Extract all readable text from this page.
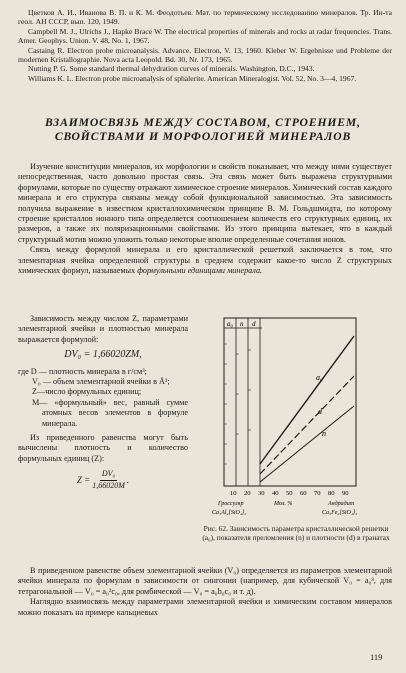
Цветков А. И., Иванова В. П. и К. М. Феодотьев. Мат. по термическому исследованию минералов. Тр. Ин-та геол. АН СССР, вып. 120, 1949.

Campbell M. J., Ulrichs J., Hapke Brace W. The electrical properties of minerals and rocks at radar frequencies. Trans. Amer. Geophys. Union. V. 48, No. 1, 1967.

Castaing R. Electron probe microanalysis. Advance. Electron, V. 13, 1960. Kleber W. Ergebnisse und Probleme der modernen Kristallographie. Nova acta Leopold. Bd. 30, Nr. 173, 1965.

Nutting P. G. Some standard thermal dehydration curves of minerals. Washington, D.C., 1943.

Williams K. L. Electron probe microanalysis of sphalerite. American Mineralogist. Vol. 52, No. 3—4, 1967.

ВЗАИМОСВЯЗЬ МЕЖДУ СОСТАВОМ, СТРОЕНИЕМ, СВОЙСТВАМИ И МОРФОЛОГИЕЙ МИНЕРАЛОВ

Изучение конституции минералов, их морфологии и свойств показывает, что между ними существует непосредственная, часто довольно простая связь. Эта связь может быть выражена структурными формулами, которые по существу отражают химическое строение минералов. Химический состав каждого минерала и его структура связаны между собой функциональной зависимостью. Эта зависимость получила выражение в известном кристаллохимическом принципе В. М. Гольдшмидта, по которому строение кристаллов ионного типа определяется соотношением количеств его структурных единиц, их размеров, а также их поляризационными свойствами. Из этого принципа вытекает, что в каждый структурный мотив можно уложить только некоторые вполне определенные сочетания ионов.

Связь между формулой минерала и его кристаллической решеткой заключается в том, что элементарная ячейка определенной структуры в среднем содержит какое-то число Z структурных химических формул, называемых формульными единицами минерала.

Зависимость между числом Z, параметрами элементарной ячейки и плотностью минерала выражается формулой:

DV₀ = 1,66020ZM,

где D — плотность минерала в г/см³;

V₀ — объем элементарной ячейки в Å³;

Z—число формульных единиц;

M— «формульный» вес, равный сумме атомных весов элементов в формуле минерала.

Из приведенного равенства могут быть вычислены плотность и количество формульных единиц (Z):

$Z = \frac{\text{DV₀}}{1,66020M}$ .
a₀ n d
a₀
d
n
10 20 30 40 50 60 70 80 90
Гроссуляр
Ca₃Al₂[SiO₄]₃
Мол. %	Андрадит
Ca₃Fe₂[SiO₄]₃
Рис. 62. Зависимость параметра кристаллической решетки (a₀), показателя преломления (n) и плотности (d) в гранатах

В приведенном равенстве объем элементарной ячейки (V₀) определяется из параметров элементарной ячейки минерала по формулам в зависимости от сингонии (например, для кубической V₀ = a₀³, для тетрагональной — V₀ = a₀²c₀, для ромбической — V₀ = a₀b₀c₀ и т. д).

Наглядно взаимосвязь между параметрами элементарной ячейки и химическим составом минералов можно показать на примере кальциевых

119
